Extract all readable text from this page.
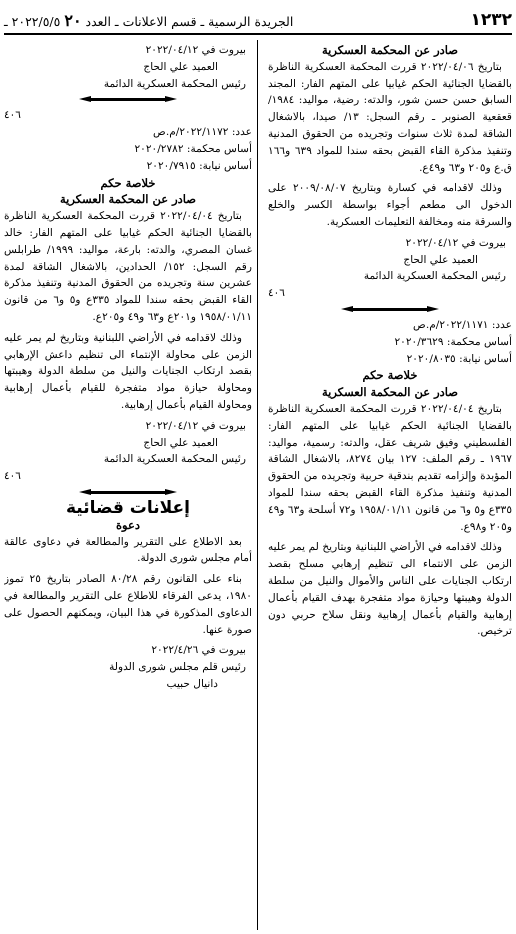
١٢٣٢
الجريدة الرسمية ـ قسم الاعلانات ـ العدد ٢٠ ٢٠٢٢/٥/٥ ـ

صادر عن المحكمة العسكرية

بتاريخ ٢٠٢٢/٠٤/٠٦ قررت المحكمة العسكرية الناظرة بالقضايا الجنائية الحكم غيابيا على المتهم الفار: المجند السابق حسن حسن شور، والدته: رضية، مواليد: ١٩٨٤/ قعقعية الصنوبر ـ رقم السجل: ١٣/ صيدا، بالاشغال الشاقة لمدة ثلاث سنوات وتجريده من الحقوق المدنية وتنفيذ مذكرة القاء القبض بحقه سندا للمواد ٦٣٩ و١٦٦ ق.ع و٢٠٥ و٦٣ و٤٩ع.

وذلك لاقدامه في كسارة وبتاريخ ٢٠٠٩/٠٨/٠٧ على الدخول الى مطعم أجواء بواسطة الكسر والخلع والسرقة منه ومخالفة التعليمات العسكرية.

بيروت في ٢٠٢٢/٠٤/١٢

العميد علي الحاج

رئيس المحكمة العسكرية الدائمة

٤٠٦

عدد: ٢٠٢٢/١١٧١/م.ص

أساس محكمة: ٢٠٢٠/٣٦٢٩

أساس نيابة: ٢٠٢٠/٨٠٣٥

خلاصة حكم

صادر عن المحكمة العسكرية

بتاريخ ٢٠٢٢/٠٤/٠٤ قررت المحكمة العسكرية الناظرة بالقضايا الجنائية الحكم غيابيا على المتهم الفار: الفلسطيني وفيق شريف عقل، والدته: رسمية، مواليد: ١٩٦٧ ـ رقم الملف: ١٢٧ بيان ٨٢٧٤، بالاشغال الشاقة المؤبدة وإلزامه تقديم بندقية حربية وتجريده من الحقوق المدنية وتنفيذ مذكرة القاء القبض بحقه سندا للمواد ٣٣٥ع و٥ و٦ من قانون ١٩٥٨/٠١/١١ و٧٢ أسلحة و٦٣ و٤٩ و٢٠٥ و٩٨ع.

وذلك لاقدامه في الأراضي اللبنانية وبتاريخ لم يمر عليه الزمن على الانتماء الى تنظيم إرهابي مسلح بقصد ارتكاب الجنايات على الناس والأموال والنيل من سلطة الدولة وهيبتها وحيازة مواد متفجرة بهدف القيام بأعمال إرهابية والقيام بأعمال إرهابية ونقل سلاح حربي دون ترخيص.

بيروت في ٢٠٢٢/٠٤/١٢

العميد علي الحاج

رئيس المحكمة العسكرية الدائمة

٤٠٦

عدد: ٢٠٢٢/١١٧٢/م.ص

أساس محكمة: ٢٠٢٠/٢٧٨٢

أساس نيابة: ٢٠٢٠/٧٩١٥

خلاصة حكم

صادر عن المحكمة العسكرية

بتاريخ ٢٠٢٢/٠٤/٠٤ قررت المحكمة العسكرية الناظرة بالقضايا الجنائية الحكم غيابيا على المتهم الفار: خالد غسان المصري، والدته: بارعة، مواليد: ١٩٩٩/ طرابلس رقم السجل: ١٥٢/ الحدادين، بالاشغال الشاقة لمدة عشرين سنة وتجريده من الحقوق المدنية وتنفيذ مذكرة القاء القبض بحقه سندا للمواد ٣٣٥ع و٥ و٦ من قانون ١٩٥٨/٠١/١١ و٢٠١ع و٦٣ و٤٩ و٢٠٥ع.

وذلك لاقدامه في الأراضي اللبنانية وبتاريخ لم يمر عليه الزمن على محاولة الإنتماء الى تنظيم داعش الإرهابي بقصد ارتكاب الجنايات والنيل من سلطة الدولة وهيبتها ومحاولة حيازة مواد متفجرة للقيام بأعمال إرهابية ومحاولة القيام بأعمال إرهابية.

بيروت في ٢٠٢٢/٠٤/١٢

العميد علي الحاج

رئيس المحكمة العسكرية الدائمة

٤٠٦

إعلانات قضائية

دعوة

بعد الاطلاع على التقرير والمطالعة في دعاوى عالقة أمام مجلس شورى الدولة.

بناء على القانون رقم ٨٠/٢٨ الصادر بتاريخ ٢٥ تموز ١٩٨٠، يدعى الفرقاء للاطلاع على التقرير والمطالعة في الدعاوى المذكورة في هذا البيان، ويمكنهم الحصول على صورة عنها.

بيروت في ٢٠٢٢/٤/٢٦

رئيس قلم مجلس شورى الدولة

دانيال حبيب
